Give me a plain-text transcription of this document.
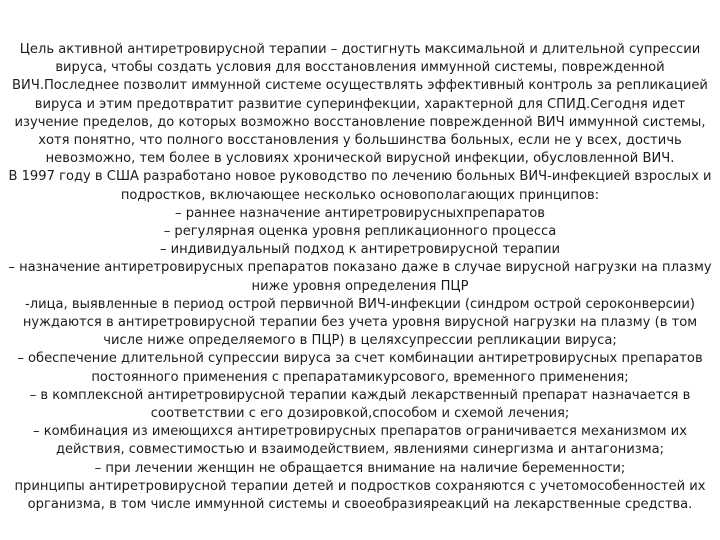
Цель активной антиретровирусной терапии – достигнуть максимальной и длительной супрессии вируса, чтобы создать условия для восстановления иммунной системы, поврежденной ВИЧ.Последнее позволит иммунной системе осуществлять эффективный контроль за репликацией вируса и этим предотвратит развитие суперинфекции, характерной для СПИД.Сегодня идет изучение пределов, до которых возможно восстановление поврежденной ВИЧ иммунной системы, хотя понятно, что полного восстановления у большинства больных, если не у всех, достичь невозможно, тем более в условиях хронической вирусной инфекции, обусловленной ВИЧ.

В 1997 году в США разработано новое руководство по лечению больных ВИЧ-инфекцией взрослых и подростков, включающее несколько основополагающих принципов:

– раннее назначение антиретровирусныхпрепаратов

– регулярная оценка уровня репликационного процесса

– индивидуальный подход к антиретровирусной терапии

– назначение антиретровирусных препаратов показано даже в случае вирусной нагрузки на плазму ниже уровня определения ПЦР

-лица, выявленные в период острой первичной ВИЧ-инфекции (синдром острой сероконверсии) нуждаются в антиретровирусной терапии без учета уровня вирусной нагрузки на плазму (в том числе ниже определяемого в ПЦР) в целяхсупрессии репликации вируса;

– обеспечение длительной супрессии вируса за счет комбинации антиретровирусных препаратов постоянного применения с препаратамикурсового, временного применения;

– в комплексной антиретровирусной терапии каждый лекарственный препарат назначается в соответствии с его дозировкой,способом и схемой лечения;

– комбинация из имеющихся антиретровирусных препаратов ограничивается механизмом их действия, совместимостью и взаимодействием, явлениями синергизма и антагонизма;

– при лечении женщин не обращается внимание на наличие беременности;

принципы антиретровирусной терапии детей и подростков сохраняются с учетомособенностей их организма, в том числе иммунной системы и своеобразияреакций на лекарственные средства.
